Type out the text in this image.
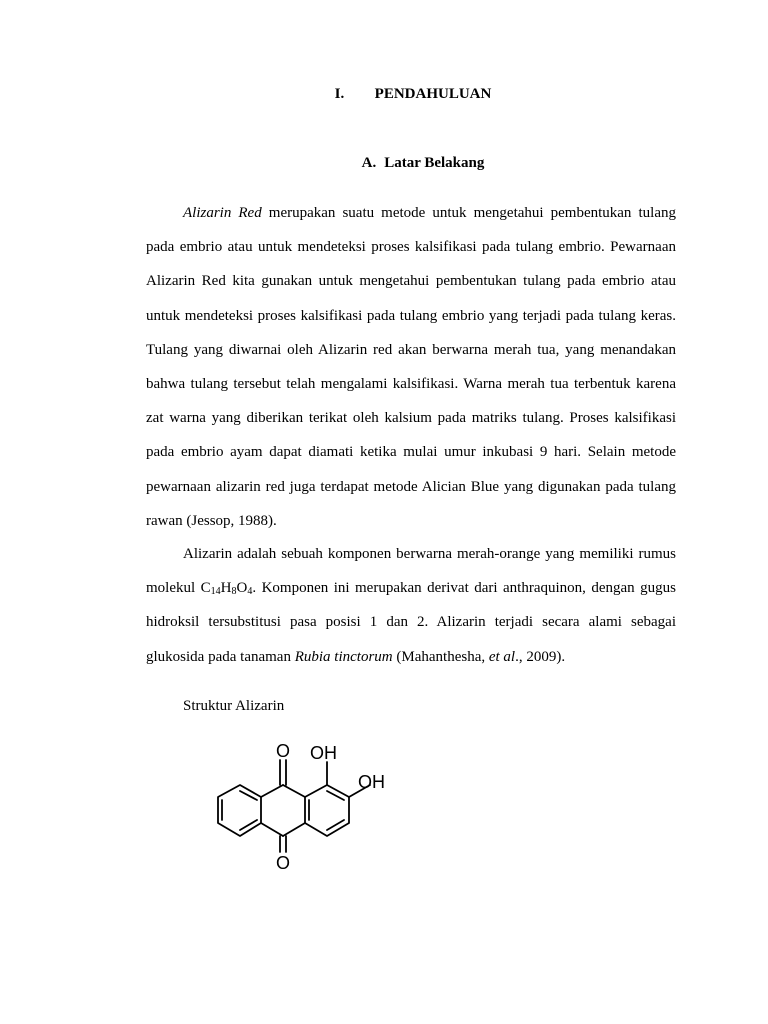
I. PENDAHULUAN
A. Latar Belakang

Alizarin Red merupakan suatu metode untuk mengetahui pembentukan tulang pada embrio atau untuk mendeteksi proses kalsifikasi pada tulang embrio. Pewarnaan Alizarin Red kita gunakan untuk mengetahui pembentukan tulang pada embrio atau untuk mendeteksi proses kalsifikasi pada tulang embrio yang terjadi pada tulang keras. Tulang yang diwarnai oleh Alizarin red akan berwarna merah tua, yang menandakan bahwa tulang tersebut telah mengalami kalsifikasi. Warna merah tua terbentuk karena zat warna yang diberikan terikat oleh kalsium pada matriks tulang. Proses kalsifikasi pada embrio ayam dapat diamati ketika mulai umur inkubasi 9 hari. Selain metode pewarnaan alizarin red juga terdapat metode Alician Blue yang digunakan pada tulang rawan (Jessop, 1988).

Alizarin adalah sebuah komponen berwarna merah-orange yang memiliki rumus molekul $C_{14}H_8O_4$. Komponen ini merupakan derivat dari anthraquinon, dengan gugus hidroksil tersubstitusi pasa posisi 1 dan 2. Alizarin terjadi secara alami sebagai glukosida pada tanaman Rubia tinctorum (Mahanthesha, et al., 2009).

Struktur Alizarin
O OH
OH
O
